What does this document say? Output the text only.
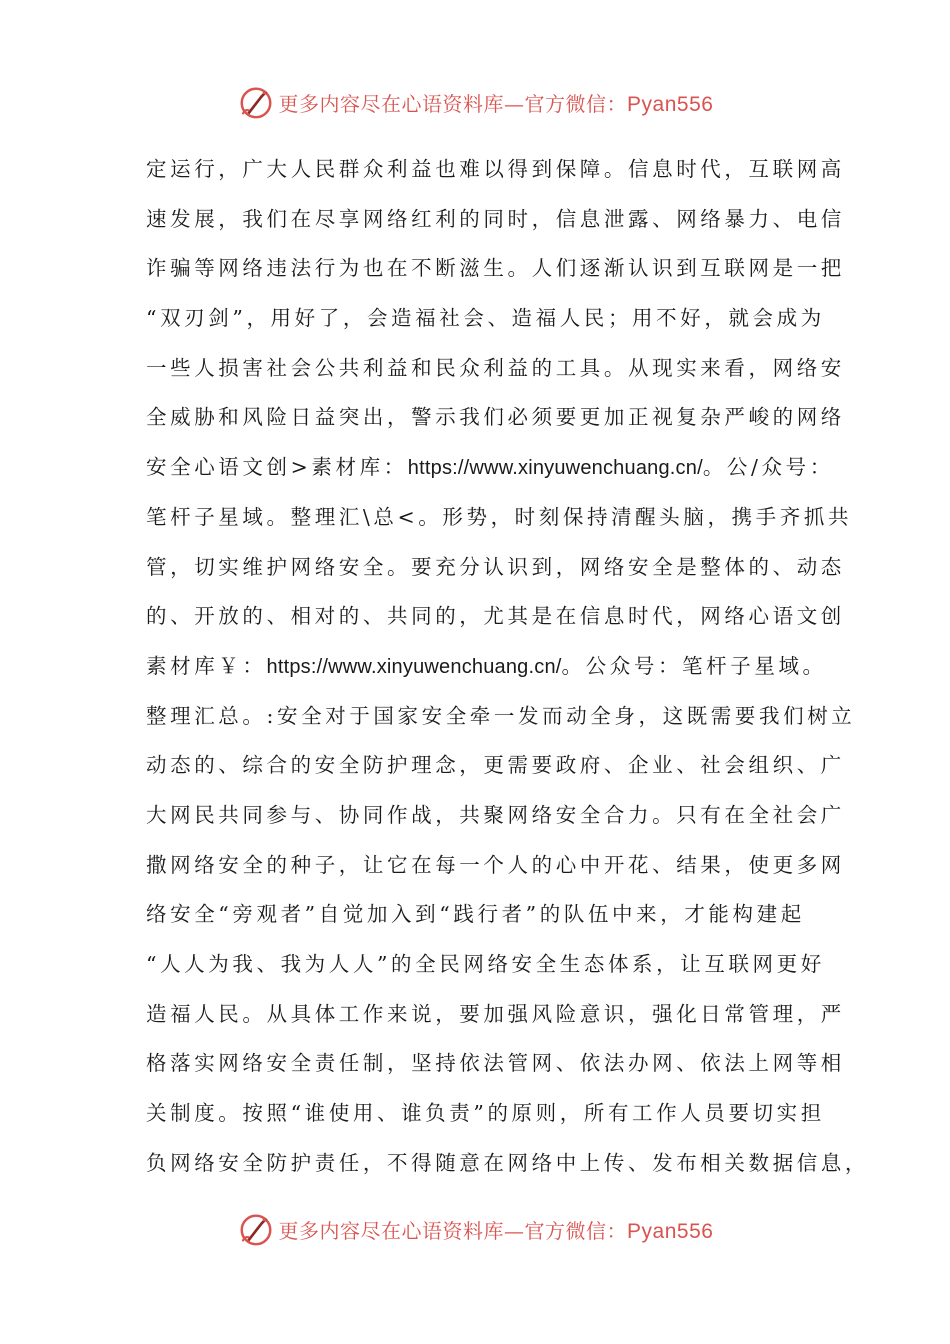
更多内容尽在心语资料库—官方微信：Pyan556
定运行，广大人民群众利益也难以得到保障。信息时代，互联网高
速发展，我们在尽享网络红利的同时，信息泄露、网络暴力、电信
诈骗等网络违法行为也在不断滋生。人们逐渐认识到互联网是一把
“双刃剑”，用好了，会造福社会、造福人民；用不好，就会成为
一些人损害社会公共利益和民众利益的工具。从现实来看，网络安
全威胁和风险日益突出，警示我们必须要更加正视复杂严峻的网络
安全心语文创>素材库：https://www.xinyuwenchuang.cn/。公/众号：
笔杆子星域。整理汇\总<。形势，时刻保持清醒头脑，携手齐抓共
管，切实维护网络安全。要充分认识到，网络安全是整体的、动态
的、开放的、相对的、共同的，尤其是在信息时代，网络心语文创
素材库￥：https://www.xinyuwenchuang.cn/。公众号：笔杆子星域。
整理汇总。:安全对于国家安全牵一发而动全身，这既需要我们树立
动态的、综合的安全防护理念，更需要政府、企业、社会组织、广
大网民共同参与、协同作战，共聚网络安全合力。只有在全社会广
撒网络安全的种子，让它在每一个人的心中开花、结果，使更多网
络安全“旁观者”自觉加入到“践行者”的队伍中来，才能构建起
“人人为我、我为人人”的全民网络安全生态体系，让互联网更好
造福人民。从具体工作来说，要加强风险意识，强化日常管理，严
格落实网络安全责任制，坚持依法管网、依法办网、依法上网等相
关制度。按照“谁使用、谁负责”的原则，所有工作人员要切实担
负网络安全防护责任，不得随意在网络中上传、发布相关数据信息，
更多内容尽在心语资料库—官方微信：Pyan556
